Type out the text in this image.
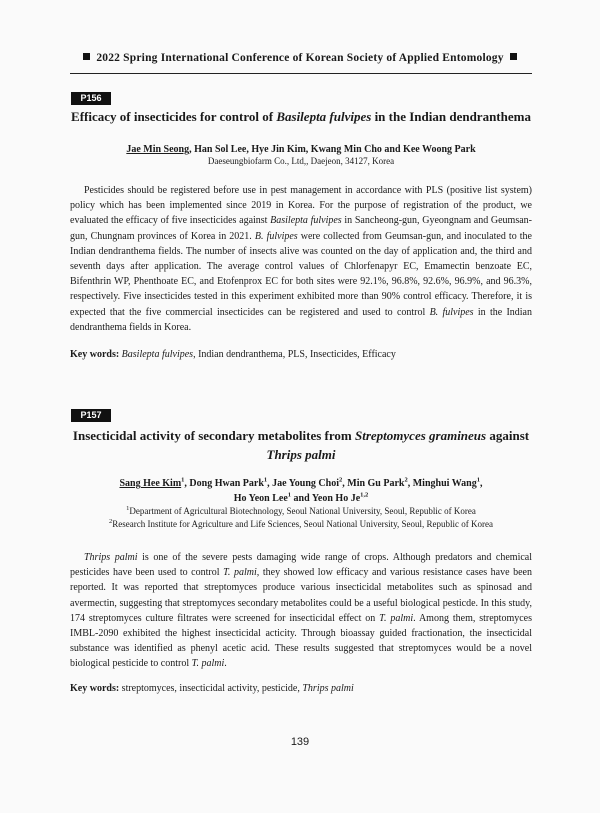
2022 Spring International Conference of Korean Society of Applied Entomology
P156
Efficacy of insecticides for control of Basilepta fulvipes in the Indian dendranthema
Jae Min Seong, Han Sol Lee, Hye Jin Kim, Kwang Min Cho and Kee Woong Park
Daeseungbiofarm Co., Ltd,, Daejeon, 34127, Korea

Pesticides should be registered before use in pest management in accordance with PLS (positive list system) policy which has been implemented since 2019 in Korea. For the purpose of registration of the product, we evaluated the efficacy of five insecticides against Basilepta fulvipes in Sancheong-gun, Gyeongnam and Geumsan-gun, Chungnam provinces of Korea in 2021. B. fulvipes were collected from Geumsan-gun, and inoculated to the Indian dendranthema fields. The number of insects alive was counted on the day of application and, the third and seventh days after application. The average control values of Chlorfenapyr EC, Emamectin benzoate EC, Bifenthrin WP, Phenthoate EC, and Etofenprox EC for both sites were 92.1%, 96.8%, 92.6%, 96.9%, and 96.3%, respectively. Five insecticides tested in this experiment exhibited more than 90% control efficacy. Therefore, it is expected that the five commercial insecticides can be registered and used to control B. fulvipes in the Indian dendranthema fields in Korea.

Key words: Basilepta fulvipes, Indian dendranthema, PLS, Insecticides, Efficacy
P157
Insecticidal activity of secondary metabolites from Streptomyces gramineus against
Thrips palmi
Sang Hee Kim$^1$, Dong Hwan Park$^1$, Jae Young Choi$^2$, Min Gu Park$^2$, Minghui Wang$^1$,
Ho Yeon Lee$^1$ and Yeon Ho Je$^{1,2}$
$^1$Department of Agricultural Biotechnology, Seoul National University, Seoul, Republic of Korea
$^2$Research Institute for Agriculture and Life Sciences, Seoul National University, Seoul, Republic of Korea

Thrips palmi is one of the severe pests damaging wide range of crops. Although predators and chemical pesticides have been used to control T. palmi, they showed low efficacy and various resistance cases have been reported. It was reported that streptomyces produce various insecticidal metabolites such as spinosad and avermectin, suggesting that streptomyces secondary metabolites could be a useful biological pesticde. In this study, 174 streptomyces culture filtrates were screened for insecticidal effect on T. palmi. Among them, streptomyces IMBL-2090 exhibited the highest insecticidal acticity. Through bioassay guided fractionation, the insecticidal substance was identified as phenyl acetic acid. These results suggested that streptomyces would be a novel biological pesticide to control T. palmi.

Key words: streptomyces, insecticidal activity, pesticide, Thrips palmi
139
